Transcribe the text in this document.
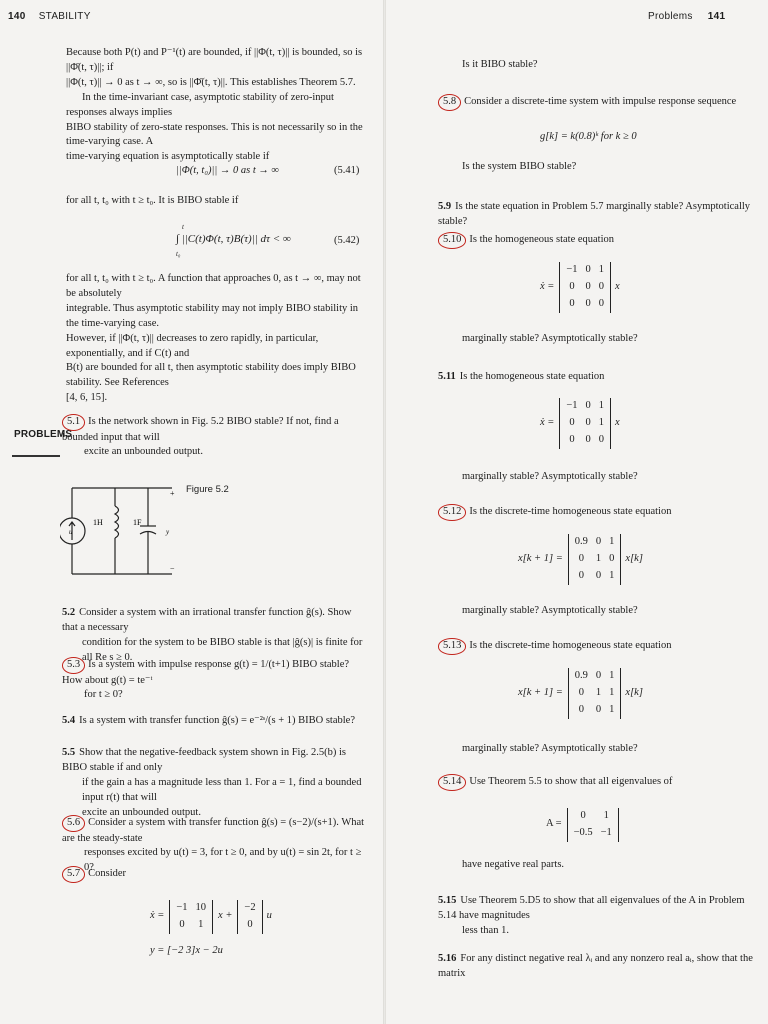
140 STABILITY
Because both P(t) and P⁻¹(t) are bounded, if ||Φ(t, τ)|| is bounded, so is ||Φ̄(t, τ)||; if
||Φ(t, τ)|| → 0 as t → ∞, so is ||Φ̄(t, τ)||. This establishes Theorem 5.7.
In the time-invariant case, asymptotic stability of zero-input responses always implies
BIBO stability of zero-state responses. This is not necessarily so in the time-varying case. A
time-varying equation is asymptotically stable if
||Φ(t, t₀)|| → 0 as t → ∞	(5.41)
for all t, t₀ with t ≥ t₀. It is BIBO stable if
∫ ||C(t)Φ(t, τ)B(τ)|| dτ < ∞
t
t₀
(5.42)
for all t, t₀ with t ≥ t₀. A function that approaches 0, as t → ∞, may not be absolutely
integrable. Thus asymptotic stability may not imply BIBO stability in the time-varying case.
However, if ||Φ(t, τ)|| decreases to zero rapidly, in particular, exponentially, and if C(t) and
B(t) are bounded for all t, then asymptotic stability does imply BIBO stability. See References
[4, 6, 15].
PROBLEMS
5.1 Is the network shown in Fig. 5.2 BIBO stable? If not, find a bounded input that will
excite an unbounded output.
Figure 5.2
u
1H	1F
y
+
−
5.2 Consider a system with an irrational transfer function ĝ(s). Show that a necessary
condition for the system to be BIBO stable is that |ĝ(s)| is finite for all Re s ≥ 0.
5.3 Is a system with impulse response g(t) = 1/(t+1) BIBO stable? How about g(t) = te⁻ᵗ
for t ≥ 0?
5.4 Is a system with transfer function ĝ(s) = e⁻²ˢ/(s + 1) BIBO stable?
5.5 Show that the negative-feedback system shown in Fig. 2.5(b) is BIBO stable if and only
if the gain a has a magnitude less than 1. For a = 1, find a bounded input r(t) that will
excite an unbounded output.
5.6 Consider a system with transfer function ĝ(s) = (s−2)/(s+1). What are the steady-state
responses excited by u(t) = 3, for t ≥ 0, and by u(t) = sin 2t, for t ≥ 0?
5.7 Consider
ẋ =
−1 10
0 1
x +
−2
0
u
y = [−2 3]x − 2u
Problems 141
Is it BIBO stable?
5.8 Consider a discrete-time system with impulse response sequence
g[k] = k(0.8)ᵏ for k ≥ 0
Is the system BIBO stable?
5.9 Is the state equation in Problem 5.7 marginally stable? Asymptotically stable?
5.10 Is the homogeneous state equation
ẋ =
−1 0 1
0 0 0
0 0 0
x
marginally stable? Asymptotically stable?
5.11 Is the homogeneous state equation
ẋ =
−1 0 1
0 0 1
0 0 0
x
marginally stable? Asymptotically stable?
5.12 Is the discrete-time homogeneous state equation
x[k + 1] =
0.9 0 1
0	1 0
0	0 1
x[k]
marginally stable? Asymptotically stable?
5.13 Is the discrete-time homogeneous state equation
x[k + 1] =
0.9 0 1
0	1 1
0	0 1
x[k]
marginally stable? Asymptotically stable?
5.14 Use Theorem 5.5 to show that all eigenvalues of
A =
0	1
−0.5 −1
have negative real parts.
5.15 Use Theorem 5.D5 to show that all eigenvalues of the A in Problem 5.14 have magnitudes
less than 1.
5.16 For any distinct negative real λᵢ and any nonzero real aᵢ, show that the matrix
